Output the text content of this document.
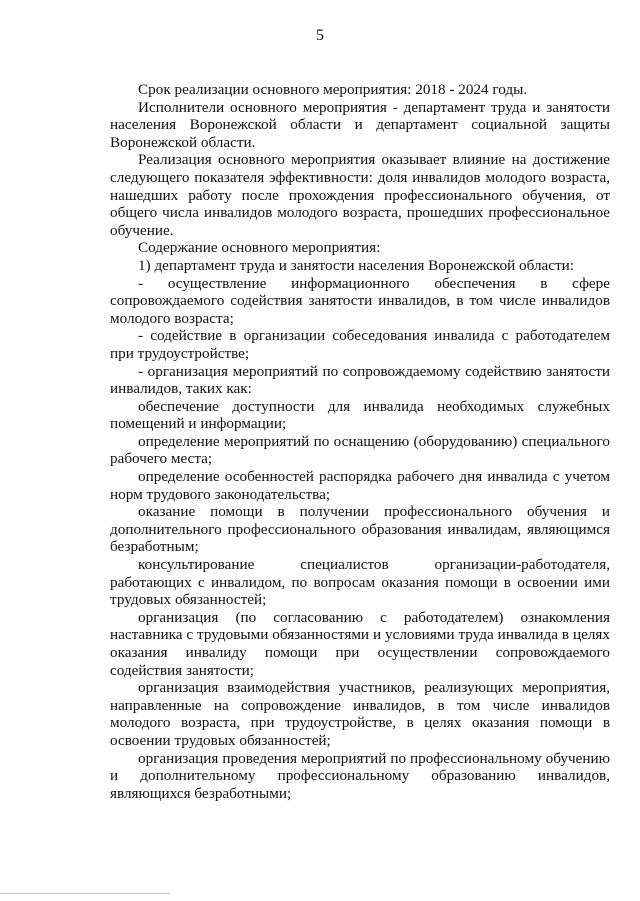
5

Срок реализации основного мероприятия: 2018 - 2024 годы.

Исполнители основного мероприятия - департамент труда и занятости населения Воронежской области и департамент социальной защиты Воронежской области.

Реализация основного мероприятия оказывает влияние на достижение следующего показателя эффективности: доля инвалидов молодого возраста, нашедших работу после прохождения профессионального обучения, от общего числа инвалидов молодого возраста, прошедших профессиональное обучение.

Содержание основного мероприятия:

1) департамент труда и занятости населения Воронежской области:

- осуществление информационного обеспечения в сфере сопровождаемого содействия занятости инвалидов, в том числе инвалидов молодого возраста;

- содействие в организации собеседования инвалида с работодателем при трудоустройстве;

- организация мероприятий по сопровождаемому содействию занятости инвалидов, таких как:

обеспечение доступности для инвалида необходимых служебных помещений и информации;

определение мероприятий по оснащению (оборудованию) специального рабочего места;

определение особенностей распорядка рабочего дня инвалида с учетом норм трудового законодательства;

оказание помощи в получении профессионального обучения и дополнительного профессионального образования инвалидам, являющимся безработным;

консультирование специалистов организации-работодателя, работающих с инвалидом, по вопросам оказания помощи в освоении ими трудовых обязанностей;

организация (по согласованию с работодателем) ознакомления наставника с трудовыми обязанностями и условиями труда инвалида в целях оказания инвалиду помощи при осуществлении сопровождаемого содействия занятости;

организация взаимодействия участников, реализующих мероприятия, направленные на сопровождение инвалидов, в том числе инвалидов молодого возраста, при трудоустройстве, в целях оказания помощи в освоении трудовых обязанностей;

организация проведения мероприятий по профессиональному обучению и дополнительному профессиональному образованию инвалидов, являющихся безработными;
